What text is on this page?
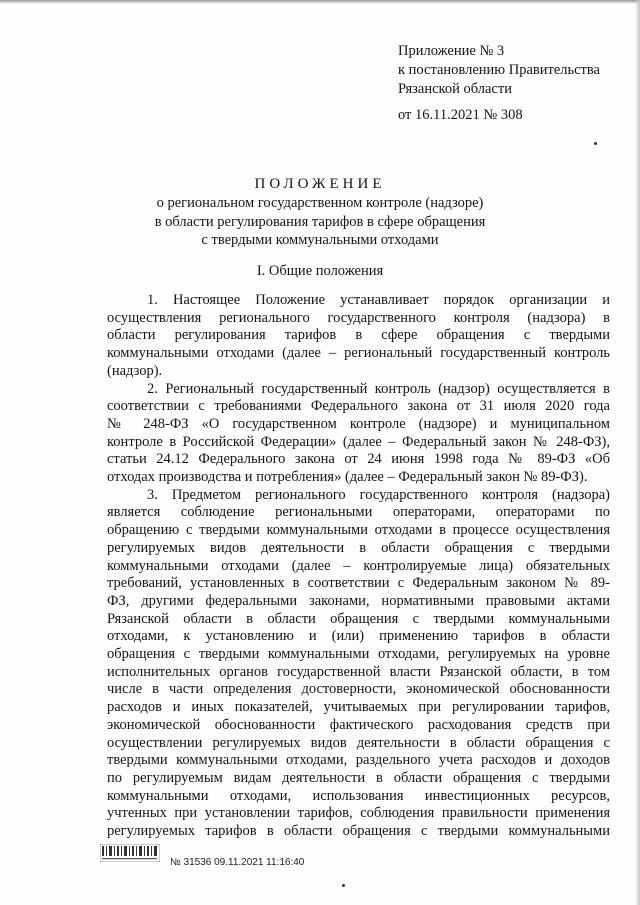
Приложение № 3
к постановлению Правительства
Рязанской области
от 16.11.2021 № 308
ПОЛОЖЕНИЕ
о региональном государственном контроле (надзоре)
в области регулирования тарифов в сфере обращения
с твердыми коммунальными отходами
I. Общие положения
1. Настоящее Положение устанавливает порядок организации и
осуществления регионального государственного контроля (надзора) в
области регулирования тарифов в сфере обращения с твердыми
коммунальными отходами (далее – региональный государственный контроль
(надзор).
2. Региональный государственный контроль (надзор) осуществляется в
соответствии с требованиями Федерального закона от 31 июля 2020 года
№ 248-ФЗ «О государственном контроле (надзоре) и муниципальном
контроле в Российской Федерации» (далее – Федеральный закон № 248-ФЗ),
статьи 24.12 Федерального закона от 24 июня 1998 года № 89-ФЗ «Об
отходах производства и потребления» (далее – Федеральный закон № 89-ФЗ).
3. Предметом регионального государственного контроля (надзора)
является соблюдение региональными операторами, операторами по
обращению с твердыми коммунальными отходами в процессе осуществления
регулируемых видов деятельности в области обращения с твердыми
коммунальными отходами (далее – контролируемые лица) обязательных
требований, установленных в соответствии с Федеральным законом № 89-
ФЗ, другими федеральными законами, нормативными правовыми актами
Рязанской области в области обращения с твердыми коммунальными
отходами, к установлению и (или) применению тарифов в области
обращения с твердыми коммунальными отходами, регулируемых на уровне
исполнительных органов государственной власти Рязанской области, в том
числе в части определения достоверности, экономической обоснованности
расходов и иных показателей, учитываемых при регулировании тарифов,
экономической обоснованности фактического расходования средств при
осуществлении регулируемых видов деятельности в области обращения с
твердыми коммунальными отходами, раздельного учета расходов и доходов
по регулируемым видам деятельности в области обращения с твердыми
коммунальными отходами, использования инвестиционных ресурсов,
учтенных при установлении тарифов, соблюдения правильности применения
регулируемых тарифов в области обращения с твердыми коммунальными
№ 31536 09.11.2021 11:16:40
